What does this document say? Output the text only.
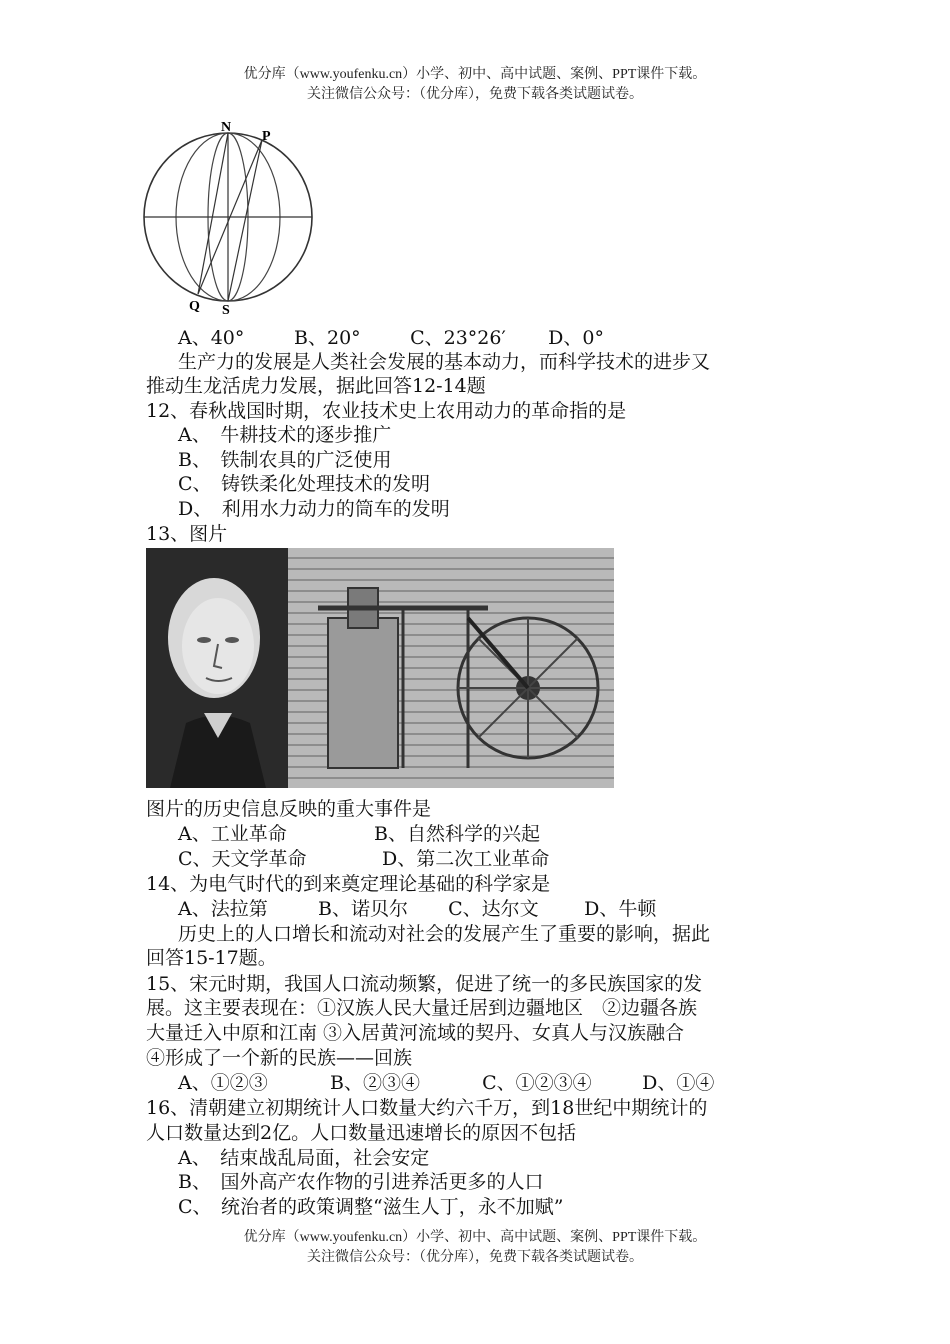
优分库（www.youfenku.cn）小学、初中、高中试题、案例、PPT课件下载。
关注微信公众号：（优分库），免费下载各类试题试卷。
N
P
Q S
A、40°	B、20°	C、23°26′ D、0°
生产力的发展是人类社会发展的基本动力，而科学技术的进步又
推动生龙活虎力发展，据此回答12-14题
12、春秋战国时期，农业技术史上农用动力的革命指的是
A、　牛耕技术的逐步推广
B、　铁制农具的广泛使用
C、　铸铁柔化处理技术的发明
D、　利用水力动力的筒车的发明
13、图片
图片的历史信息反映的重大事件是
A、工业革命	B、自然科学的兴起
C、天文学革命	D、第二次工业革命
14、为电气时代的到来奠定理论基础的科学家是
A、法拉第	B、诺贝尔 C、达尔文 D、牛顿
历史上的人口增长和流动对社会的发展产生了重要的影响，据此
回答15-17题。
15、宋元时期，我国人口流动频繁，促进了统一的多民族国家的发
展。这主要表现在：①汉族人民大量迁居到边疆地区　②边疆各族
大量迁入中原和江南 ③入居黄河流域的契丹、女真人与汉族融合
④形成了一个新的民族——回族
A、①②③	B、②③④	C、①②③④	D、①④
16、清朝建立初期统计人口数量大约六千万，到18世纪中期统计的
人口数量达到2亿。人口数量迅速增长的原因不包括
A、　结束战乱局面，社会安定
B、　国外高产农作物的引进养活更多的人口
C、　统治者的政策调整“滋生人丁，永不加赋”
优分库（www.youfenku.cn）小学、初中、高中试题、案例、PPT课件下载。
关注微信公众号：（优分库），免费下载各类试题试卷。
